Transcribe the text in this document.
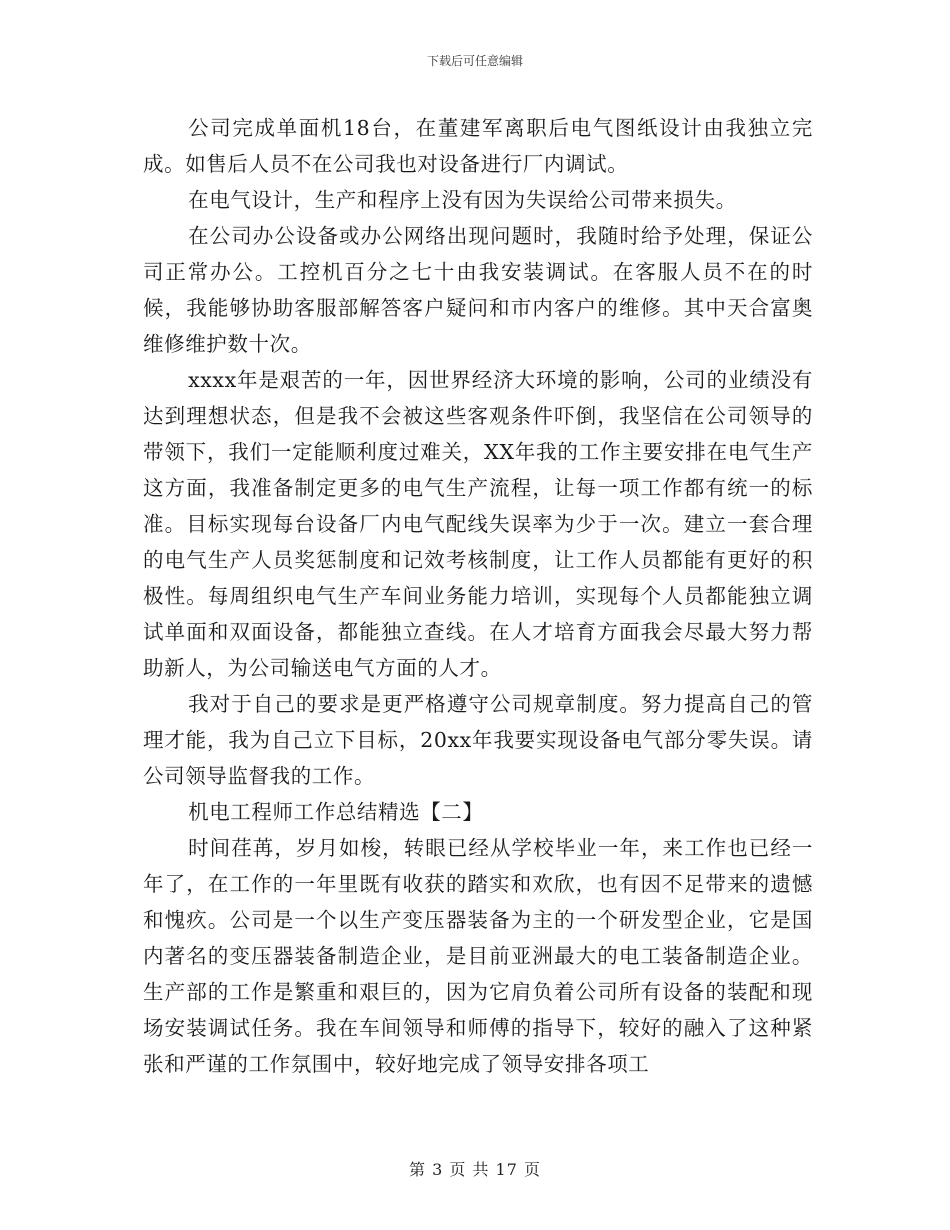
下载后可任意编辑

公司完成单面机18台，在董建军离职后电气图纸设计由我独立完成。如售后人员不在公司我也对设备进行厂内调试。

在电气设计，生产和程序上没有因为失误给公司带来损失。

在公司办公设备或办公网络出现问题时，我随时给予处理，保证公司正常办公。工控机百分之七十由我安装调试。在客服人员不在的时候，我能够协助客服部解答客户疑问和市内客户的维修。其中天合富奥维修维护数十次。

xxxx年是艰苦的一年，因世界经济大环境的影响，公司的业绩没有达到理想状态，但是我不会被这些客观条件吓倒，我坚信在公司领导的带领下，我们一定能顺利度过难关，XX年我的工作主要安排在电气生产这方面，我准备制定更多的电气生产流程，让每一项工作都有统一的标准。目标实现每台设备厂内电气配线失误率为少于一次。建立一套合理的电气生产人员奖惩制度和记效考核制度，让工作人员都能有更好的积极性。每周组织电气生产车间业务能力培训，实现每个人员都能独立调试单面和双面设备，都能独立查线。在人才培育方面我会尽最大努力帮助新人，为公司输送电气方面的人才。

我对于自己的要求是更严格遵守公司规章制度。努力提高自己的管理才能，我为自己立下目标，20xx年我要实现设备电气部分零失误。请公司领导监督我的工作。

机电工程师工作总结精选【二】

时间荏苒，岁月如梭，转眼已经从学校毕业一年，来工作也已经一年了，在工作的一年里既有收获的踏实和欢欣，也有因不足带来的遗憾和愧疚。公司是一个以生产变压器装备为主的一个研发型企业，它是国内著名的变压器装备制造企业，是目前亚洲最大的电工装备制造企业。生产部的工作是繁重和艰巨的，因为它肩负着公司所有设备的装配和现场安装调试任务。我在车间领导和师傅的指导下，较好的融入了这种紧张和严谨的工作氛围中，较好地完成了领导安排各项工

第 3 页 共 17 页
